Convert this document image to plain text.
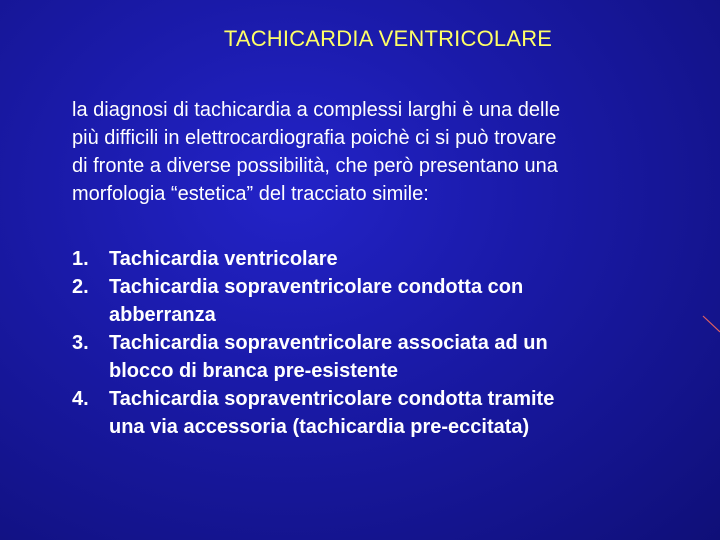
TACHICARDIA VENTRICOLARE
la diagnosi di tachicardia a complessi larghi è una delle
più difficili in elettrocardiografia poichè ci si può trovare
di fronte a diverse possibilità, che però presentano una
morfologia “estetica” del tracciato simile:
1.	Tachicardia ventricolare
2.	Tachicardia sopraventricolare condotta con
abberranza
3.	Tachicardia sopraventricolare associata ad un
blocco di branca pre-esistente
4.	Tachicardia sopraventricolare condotta tramite
una via accessoria (tachicardia pre-eccitata)
